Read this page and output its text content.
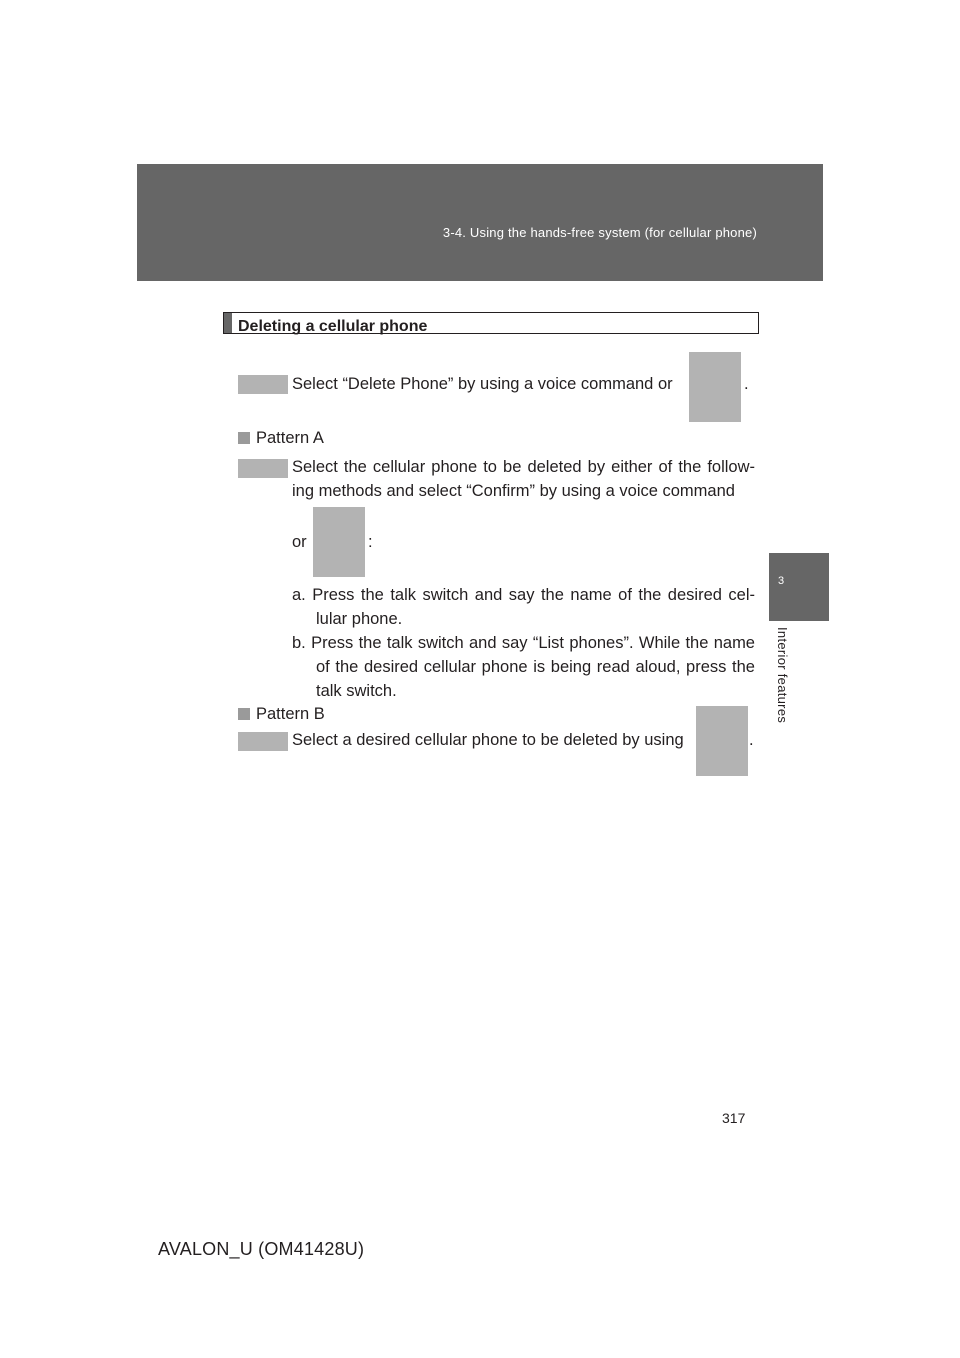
3-4. Using the hands-free system (for cellular phone)
3
Interior features
Deleting a cellular phone
Select “Delete Phone” by using a voice command or	.
Pattern A
Select the cellular phone to be deleted by either of the follow-ing methods and select “Confirm” by using a voice command
or	:
a. Press the talk switch and say the name of the desired cel-lular phone.
b. Press the talk switch and say “List phones”. While the name of the desired cellular phone is being read aloud, press the talk switch.
Pattern B
Select a desired cellular phone to be deleted by using	.
317
AVALON_U (OM41428U)
